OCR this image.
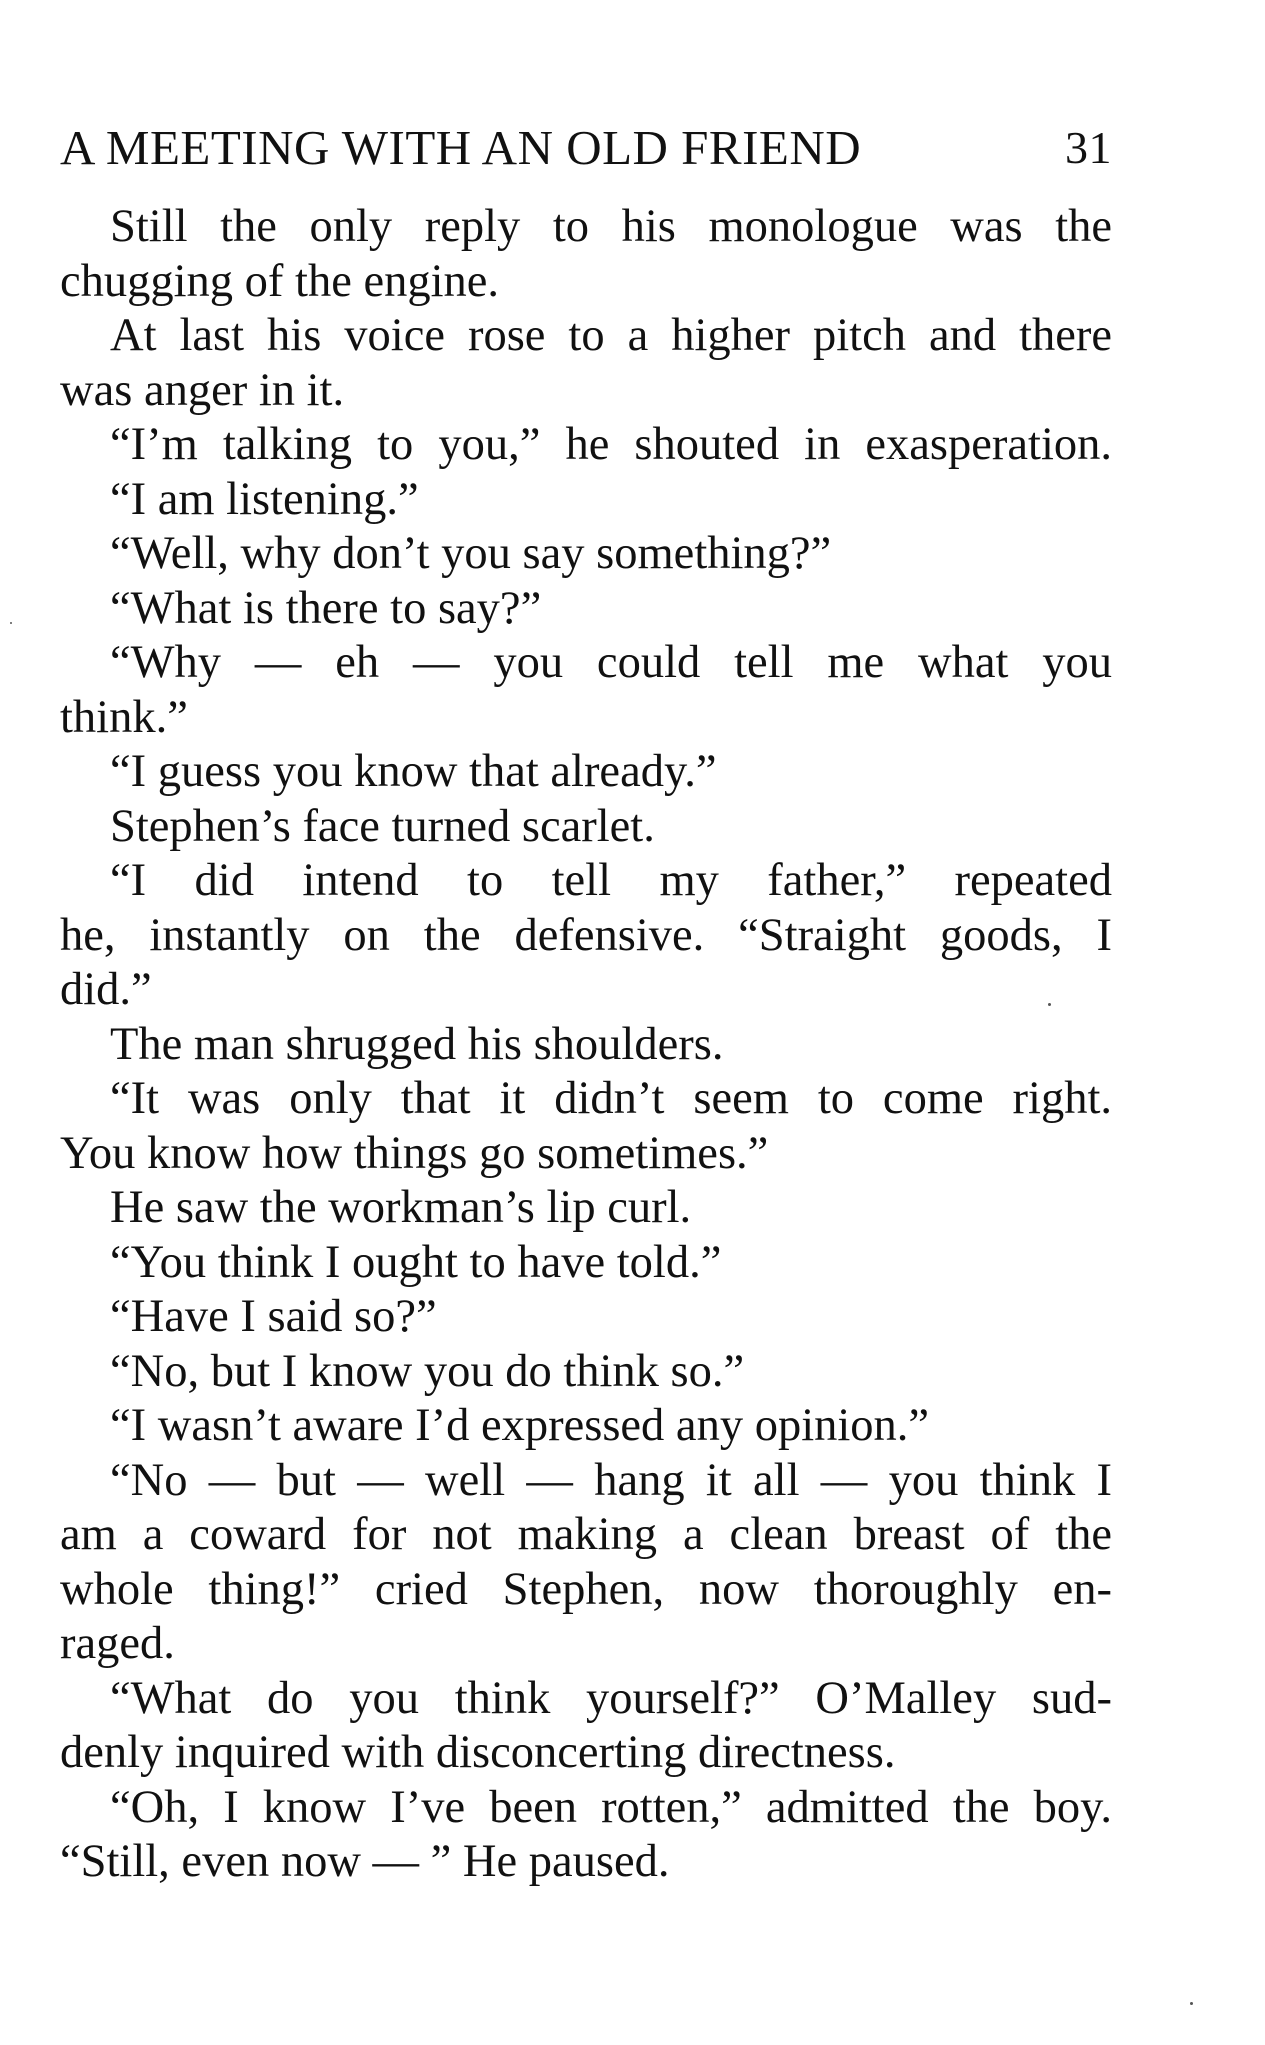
A MEETING WITH AN OLD FRIEND	31
Still the only reply to his monologue was the
chugging of the engine.
At last his voice rose to a higher pitch and there
was anger in it.
“I’m talking to you,” he shouted in exasperation.
“I am listening.”
“Well, why don’t you say something?”
“What is there to say?”
“Why — eh — you could tell me what you
think.”
“I guess you know that already.”
Stephen’s face turned scarlet.
“I did intend to tell my father,” repeated
he, instantly on the defensive. “Straight goods, I
did.”
The man shrugged his shoulders.
“It was only that it didn’t seem to come right.
You know how things go sometimes.”
He saw the workman’s lip curl.
“You think I ought to have told.”
“Have I said so?”
“No, but I know you do think so.”
“I wasn’t aware I’d expressed any opinion.”
“No — but — well — hang it all — you think I
am a coward for not making a clean breast of the
whole thing!” cried Stephen, now thoroughly en-
raged.
“What do you think yourself?” O’Malley sud-
denly inquired with disconcerting directness.
“Oh, I know I’ve been rotten,” admitted the boy.
“Still, even now — ” He paused.
